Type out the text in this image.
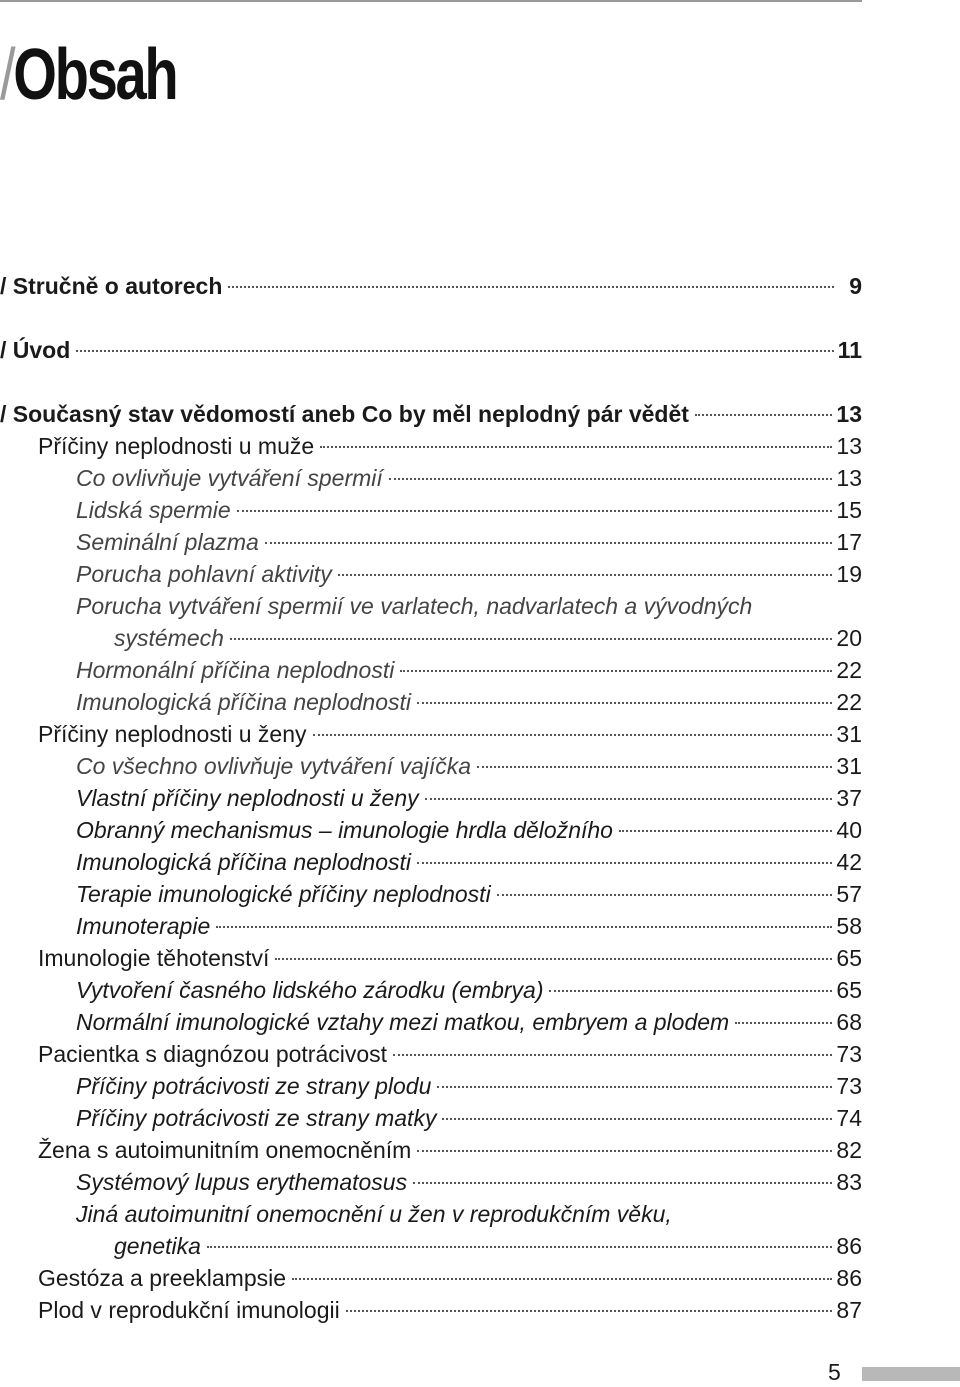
/Obsah
/ Stručně o autorech	9
/ Úvod	11
/ Současný stav vědomostí aneb Co by měl neplodný pár vědět	13
Příčiny neplodnosti u muže	13
Co ovlivňuje vytváření spermií	13
Lidská spermie	15
Seminální plazma	17
Porucha pohlavní aktivity	19
Porucha vytváření spermií ve varlatech, nadvarlatech a vývodných
systémech	20
Hormonální příčina neplodnosti	22
Imunologická příčina neplodnosti	22
Příčiny neplodnosti u ženy	31
Co všechno ovlivňuje vytváření vajíčka	31
Vlastní příčiny neplodnosti u ženy	37
Obranný mechanismus – imunologie hrdla děložního	40
Imunologická příčina neplodnosti	42
Terapie imunologické příčiny neplodnosti	57
Imunoterapie	58
Imunologie těhotenství	65
Vytvoření časného lidského zárodku (embrya)	65
Normální imunologické vztahy mezi matkou, embryem a plodem	68
Pacientka s diagnózou potrácivost	73
Příčiny potrácivosti ze strany plodu	73
Příčiny potrácivosti ze strany matky	74
Žena s autoimunitním onemocněním	82
Systémový lupus erythematosus	83
Jiná autoimunitní onemocnění u žen v reprodukčním věku,
genetika	86
Gestóza a preeklampsie	86
Plod v reprodukční imunologii	87
5
